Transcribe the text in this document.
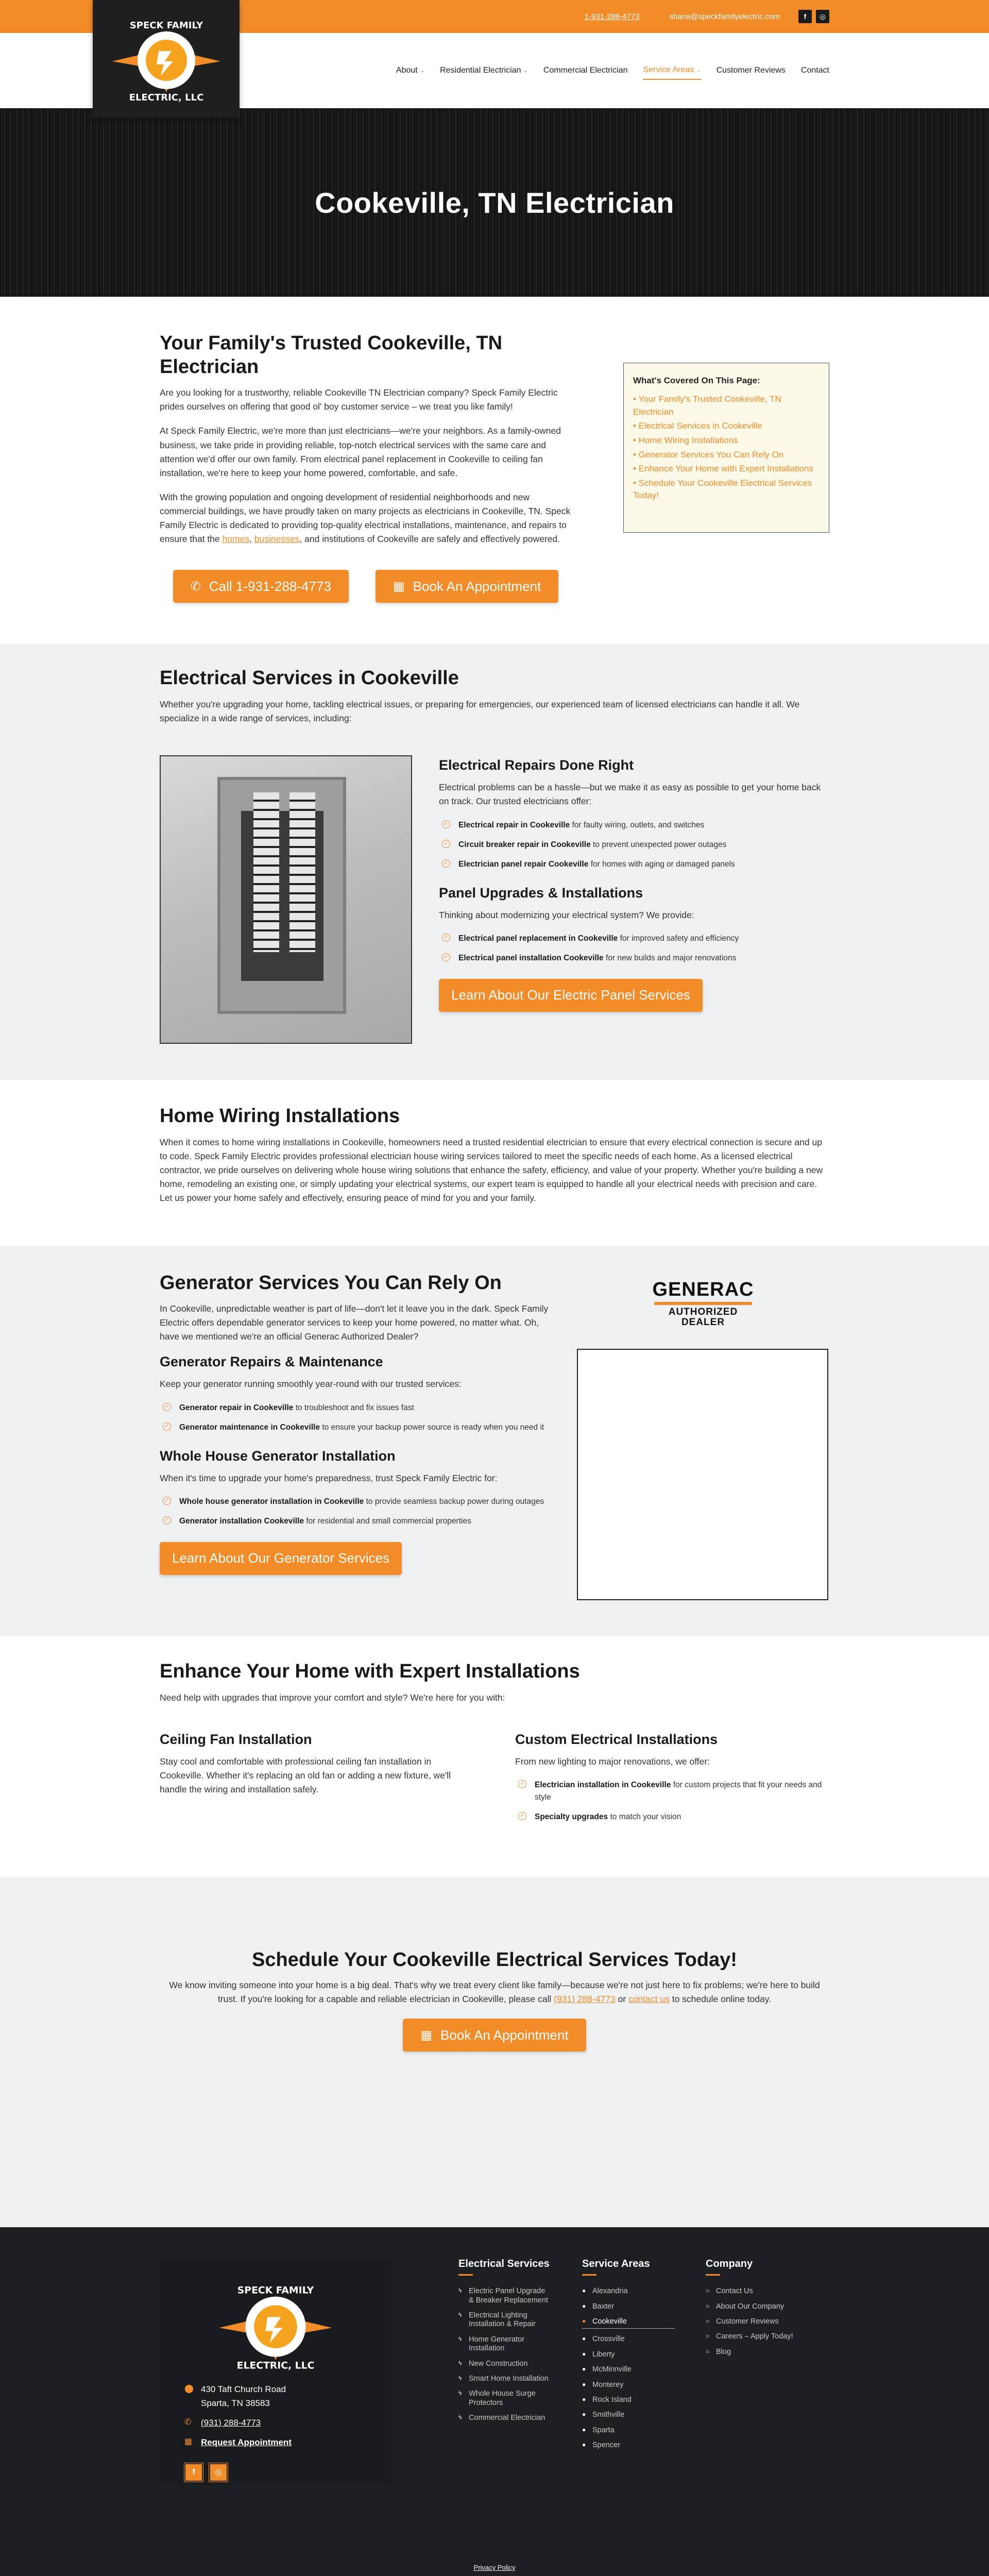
1-931-288-4773	shana@speckfamilyelectric.com	f	◎
SPECK FAMILY
ELECTRIC, LLC
About ⌄ Residential Electrician ⌄ Commercial Electrician Service Areas ⌄ Customer Reviews Contact
Cookeville, TN Electrician
Your Family's Trusted Cookeville, TN Electrician

Are you looking for a trustworthy, reliable Cookeville TN Electrician company? Speck Family Electric prides ourselves on offering that good ol' boy customer service – we treat you like family!

At Speck Family Electric, we're more than just electricians—we're your neighbors. As a family-owned business, we take pride in providing reliable, top-notch electrical services with the same care and attention we'd offer our own family. From electrical panel replacement in Cookeville to ceiling fan installation, we're here to keep your home powered, comfortable, and safe.

With the growing population and ongoing development of residential neighborhoods and new commercial buildings, we have proudly taken on many projects as electricians in Cookeville, TN. Speck Family Electric is dedicated to providing top-quality electrical installations, maintenance, and repairs to ensure that the homes, businesses, and institutions of Cookeville are safely and effectively powered.

✆ Call 1-931-288-4773	▦ Book An Appointment
What's Covered On This Page:
• Your Family's Trusted Cookeville, TN Electrician
• Electrical Services in Cookeville
• Home Wiring Installations
• Generator Services You Can Rely On
• Enhance Your Home with Expert Installations
• Schedule Your Cookeville Electrical Services Today!
Electrical Services in Cookeville

Whether you're upgrading your home, tackling electrical issues, or preparing for emergencies, our experienced team of licensed electricians can handle it all. We specialize in a wide range of services, including:

Electrical Repairs Done Right

Electrical problems can be a hassle—but we make it as easy as possible to get your home back on track. Our trusted electricians offer:

✓ Electrical repair in Cookeville for faulty wiring, outlets, and switches
✓ Circuit breaker repair in Cookeville to prevent unexpected power outages
✓ Electrician panel repair Cookeville for homes with aging or damaged panels
Panel Upgrades & Installations

Thinking about modernizing your electrical system? We provide:

✓ Electrical panel replacement in Cookeville for improved safety and efficiency
✓ Electrical panel installation Cookeville for new builds and major renovations
Learn About Our Electric Panel Services
Home Wiring Installations

When it comes to home wiring installations in Cookeville, homeowners need a trusted residential electrician to ensure that every electrical connection is secure and up to code. Speck Family Electric provides professional electrician house wiring services tailored to meet the specific needs of each home. As a licensed electrical contractor, we pride ourselves on delivering whole house wiring solutions that enhance the safety, efficiency, and value of your property. Whether you're building a new home, remodeling an existing one, or simply updating your electrical systems, our expert team is equipped to handle all your electrical needs with precision and care. Let us power your home safely and effectively, ensuring peace of mind for you and your family.

Generator Services You Can Rely On

In Cookeville, unpredictable weather is part of life—don't let it leave you in the dark. Speck Family Electric offers dependable generator services to keep your home powered, no matter what. Oh, have we mentioned we're an official Generac Authorized Dealer?

Generator Repairs & Maintenance

Keep your generator running smoothly year-round with our trusted services:

✓ Generator repair in Cookeville to troubleshoot and fix issues fast
✓ Generator maintenance in Cookeville to ensure your backup power source is ready when you need it
Whole House Generator Installation

When it's time to upgrade your home's preparedness, trust Speck Family Electric for:

✓ Whole house generator installation in Cookeville to provide seamless backup power during outages
✓ Generator installation Cookeville for residential and small commercial properties
Learn About Our Generator Services
GENERAC
AUTHORIZED
DEALER
Enhance Your Home with Expert Installations

Need help with upgrades that improve your comfort and style? We're here for you with:

Ceiling Fan Installation

Stay cool and comfortable with professional ceiling fan installation in Cookeville. Whether it's replacing an old fan or adding a new fixture, we'll handle the wiring and installation safely.

Custom Electrical Installations

From new lighting to major renovations, we offer:

✓ Electrician installation in Cookeville for custom projects that fit your needs and style
✓ Specialty upgrades to match your vision
Schedule Your Cookeville Electrical Services Today!

We know inviting someone into your home is a big deal. That's why we treat every client like family—because we're not just here to fix problems; we're here to build trust. If you're looking for a capable and reliable electrician in Cookeville, please call (931) 288-4773 or contact us to schedule online today.

▦ Book An Appointment
SPECK FAMILY
ELECTRIC, LLC
⬤ 430 Taft Church Road
Sparta, TN 38583
✆ (931) 288-4773
▦ Request Appointment
f	◎
Electrical Services
ϟ Electric Panel Upgrade & Breaker Replacement
ϟ Electrical Lighting Installation & Repair
ϟ Home Generator Installation
ϟ New Construction
ϟ Smart Home Installation
ϟ Whole House Surge Protectors
ϟ Commercial Electrician
Service Areas
● Alexandria
● Baxter
● Cookeville
● Crossville
● Liberty
● McMinnville
● Monterey
● Rock Island
● Smithville
● Sparta
● Spencer
Company
○ Contact Us
○ About Our Company
○ Customer Reviews
○ Careers – Apply Today!
○ Blog
Privacy Policy
